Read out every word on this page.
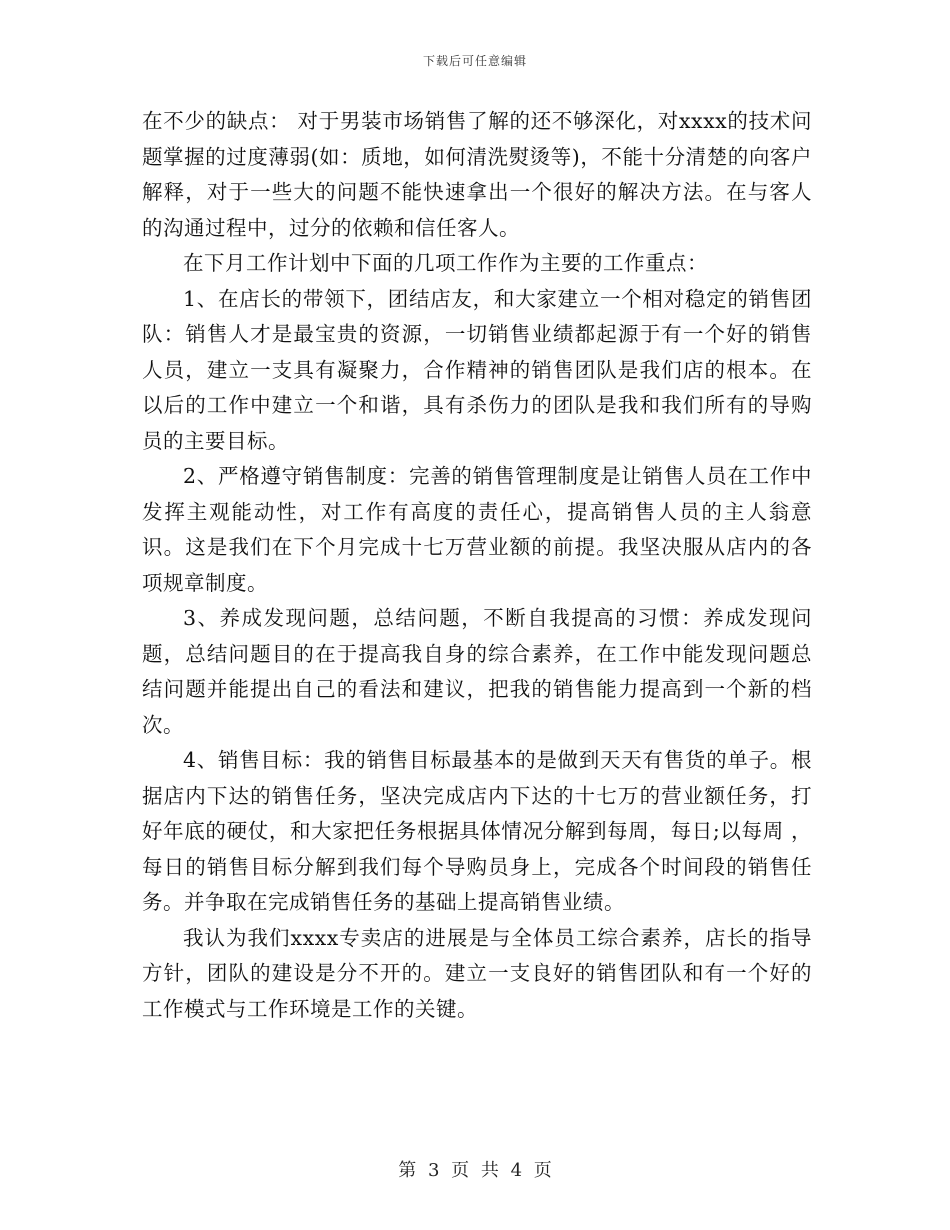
下载后可任意编辑

在不少的缺点： 对于男装市场销售了解的还不够深化，对xxxx的技术问题掌握的过度薄弱(如：质地，如何清洗熨烫等)，不能十分清楚的向客户解释，对于一些大的问题不能快速拿出一个很好的解决方法。在与客人的沟通过程中，过分的依赖和信任客人。

在下月工作计划中下面的几项工作作为主要的工作重点：

1、在店长的带领下，团结店友，和大家建立一个相对稳定的销售团队：销售人才是最宝贵的资源，一切销售业绩都起源于有一个好的销售人员，建立一支具有凝聚力，合作精神的销售团队是我们店的根本。在以后的工作中建立一个和谐，具有杀伤力的团队是我和我们所有的导购员的主要目标。

2、严格遵守销售制度：完善的销售管理制度是让销售人员在工作中发挥主观能动性，对工作有高度的责任心，提高销售人员的主人翁意识。这是我们在下个月完成十七万营业额的前提。我坚决服从店内的各项规章制度。

3、养成发现问题，总结问题，不断自我提高的习惯：养成发现问题，总结问题目的在于提高我自身的综合素养，在工作中能发现问题总结问题并能提出自己的看法和建议，把我的销售能力提高到一个新的档次。

4、销售目标：我的销售目标最基本的是做到天天有售货的单子。根据店内下达的销售任务，坚决完成店内下达的十七万的营业额任务，打好年底的硬仗，和大家把任务根据具体情况分解到每周，每日;以每周 ，每日的销售目标分解到我们每个导购员身上，完成各个时间段的销售任务。并争取在完成销售任务的基础上提高销售业绩。

我认为我们xxxx专卖店的进展是与全体员工综合素养，店长的指导方针，团队的建设是分不开的。建立一支良好的销售团队和有一个好的工作模式与工作环境是工作的关键。

第 3 页 共 4 页
